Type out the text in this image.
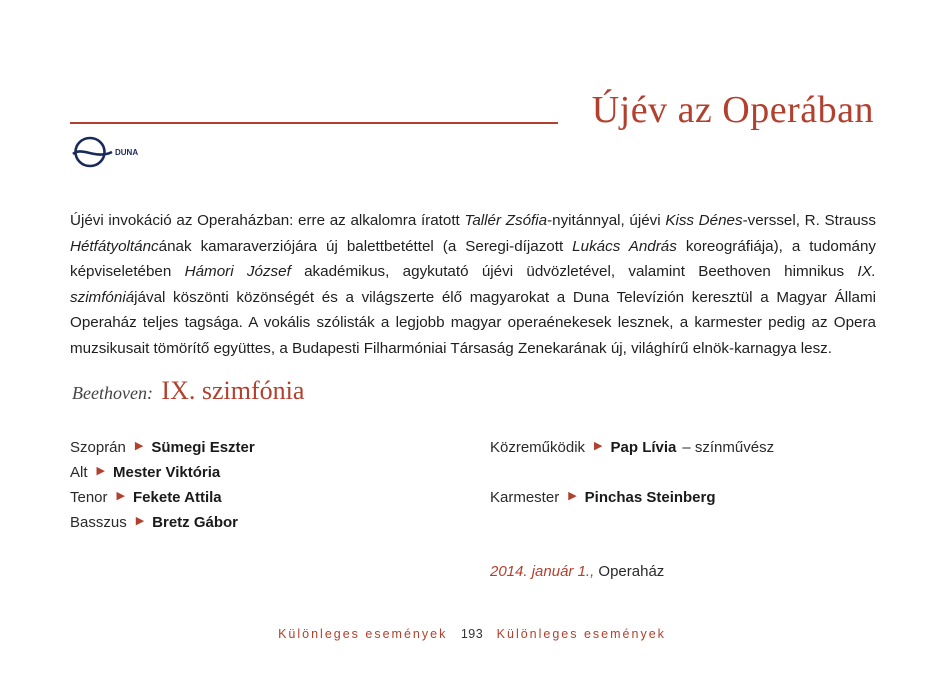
Újév az Operában
DUNA
Újévi invokáció az Operaházban: erre az alkalomra íratott Tallér Zsófia-nyitánnyal, újévi Kiss Dénes-verssel, R. Strauss Hétfátyoltáncának kamaraverziójára új balettbetéttel (a Seregi-díjazott Lukács András koreográfiája), a tudomány képviseletében Hámori József akadémikus, agykutató újévi üdvözletével, valamint Beethoven himnikus IX. szimfóniájával köszönti közönségét és a világszerte élő magyarokat a Duna Televízión keresztül a Magyar Állami Operaház teljes tagsága. A vokális szólisták a legjobb magyar operaénekesek lesznek, a karmester pedig az Opera muzsikusait tömörítő együttes, a Budapesti Filharmóniai Társaság Zenekarának új, világhírű elnök-karnagya lesz.
Beethoven: IX. szimfónia
Szoprán ▶ Sümegi Eszter
Alt ▶ Mester Viktória
Tenor ▶ Fekete Attila
Basszus ▶ Bretz Gábor
Közreműködik ▶ Pap Lívia – színművész
Karmester ▶ Pinchas Steinberg
2014. január 1., Operaház
Különleges események 193 Különleges események
